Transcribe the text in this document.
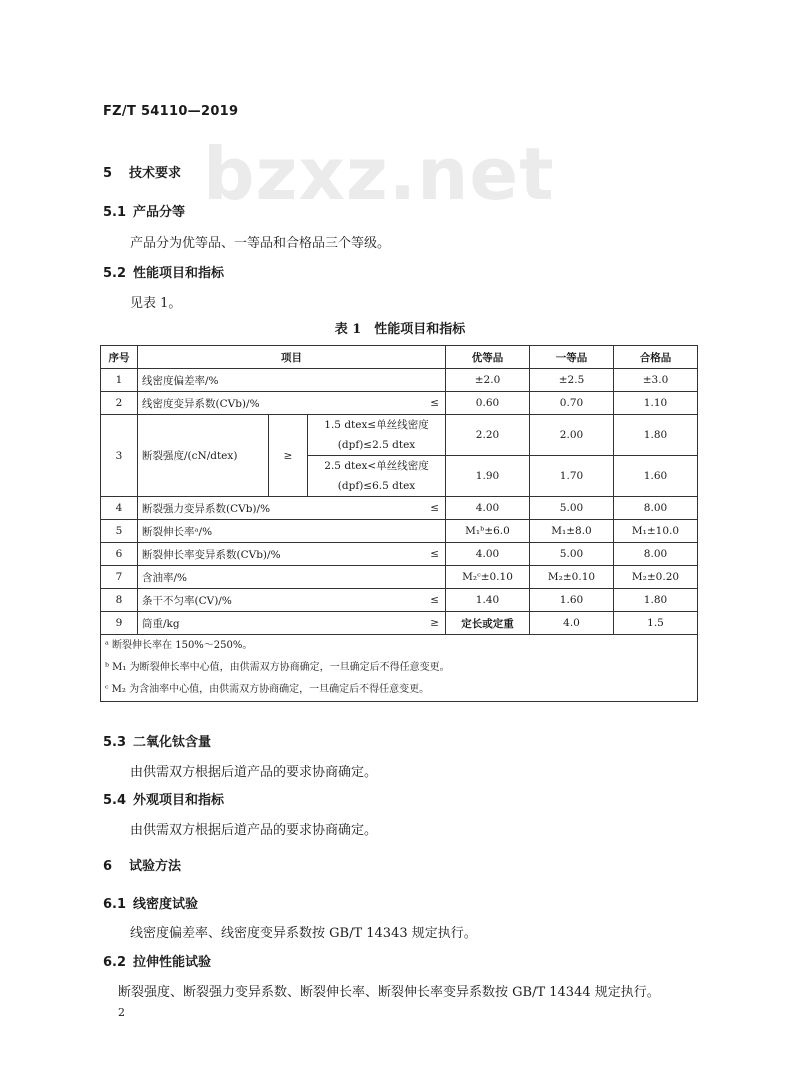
FZ/T 54110—2019
bzxz.net
5 技术要求
5.1 产品分等
产品分为优等品、一等品和合格品三个等级。
5.2 性能项目和指标
见表 1。
表 1　性能项目和指标
序号	项目			优等品	一等品	合格品
1	线密度偏差率/%			±2.0	±2.5	±3.0
2	线密度变异系数(CVb)/% ≤			0.60	0.70	1.10
3	断裂强度/(cN/dtex)	≥	1.5 dtex≤单丝线密度
(dpf)≤2.5 dtex	2.20	2.00	1.80

			2.5 dtex<单丝线密度
(dpf)≤6.5 dtex	1.90	1.70	1.60
4	断裂强力变异系数(CVb)/% ≤			4.00	5.00	8.00
5	断裂伸长率ᵃ/%			M₁ᵇ±6.0	M₁±8.0	M₁±10.0
6	断裂伸长率变异系数(CVb)/% ≤			4.00	5.00	8.00
7	含油率/%			M₂ᶜ±0.10	M₂±0.10	M₂±0.20
8	条干不匀率(CV)/% ≤			1.40	1.60	1.80
9	筒重/kg ≥			定长或定重	4.0	1.5

ᵃ 断裂伸长率在 150%～250%。
ᵇ M₁ 为断裂伸长率中心值，由供需双方协商确定，一旦确定后不得任意变更。
ᶜ M₂ 为含油率中心值，由供需双方协商确定，一旦确定后不得任意变更。						
5.3 二氧化钛含量
由供需双方根据后道产品的要求协商确定。
5.4 外观项目和指标
由供需双方根据后道产品的要求协商确定。
6 试验方法
6.1 线密度试验
线密度偏差率、线密度变异系数按 GB/T 14343 规定执行。
6.2 拉伸性能试验
断裂强度、断裂强力变异系数、断裂伸长率、断裂伸长率变异系数按 GB/T 14344 规定执行。
2
